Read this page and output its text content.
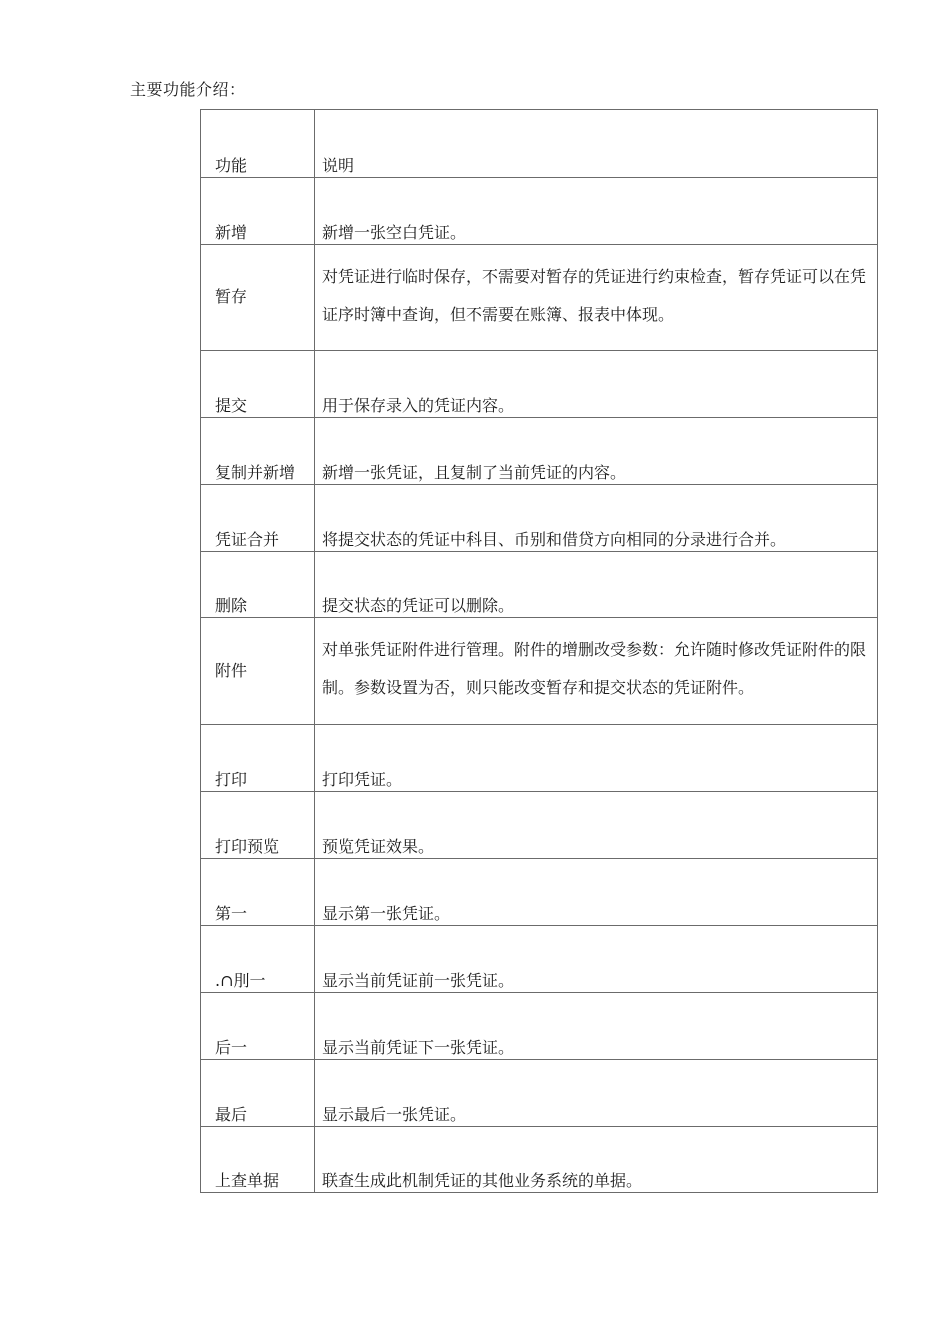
主要功能介绍：
功能	说明
新增	新增一张空白凭证。
暂存	对凭证进行临时保存，不需要对暂存的凭证进行约束检查，暂存凭证可以在凭证序时簿中查询，但不需要在账簿、报表中体现。
提交	用于保存录入的凭证内容。
复制并新增	新增一张凭证，且复制了当前凭证的内容。
凭证合并	将提交状态的凭证中科目、币别和借贷方向相同的分录进行合并。
删除	提交状态的凭证可以删除。
附件	对单张凭证附件进行管理。附件的增删改受参数：允许随时修改凭证附件的限制。参数设置为否，则只能改变暂存和提交状态的凭证附件。

打印	打印凭证。
打印预览	预览凭证效果。
第一	显示第一张凭证。
.∩刖一	显示当前凭证前一张凭证。
后一	显示当前凭证下一张凭证。
最后	显示最后一张凭证。
上查单据	联查生成此机制凭证的其他业务系统的单据。
